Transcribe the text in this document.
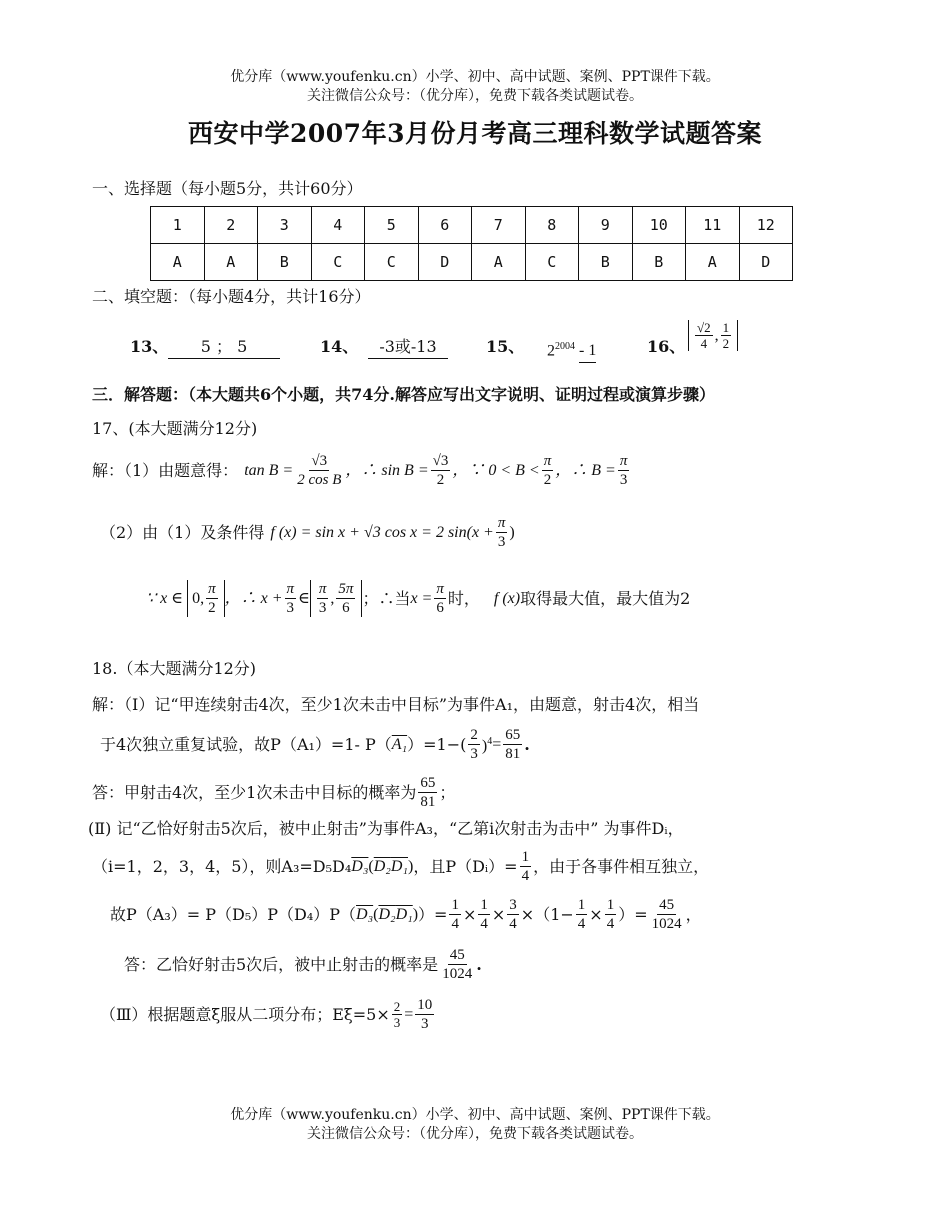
优分库（www.youfenku.cn）小学、初中、高中试题、案例、PPT课件下载。
关注微信公众号：（优分库），免费下载各类试题试卷。
西安中学2007年3月份月考高三理科数学试题答案
一、选择题（每小题5分，共计60分）
1	2	3	4	5	6	7	8	9	10	11	12
A	A	B	C	C	D	A	C	B	B	A	D
二、填空题：（每小题4分，共计16分）
13、	5 ； 5	14、	-3或-13	15、 $2^{2004} - 1$	16、 $\frac{√2}{4}$ , $\frac{1}{2}$
三．解答题：（本大题共6个小题，共74分.解答应写出文字说明、证明过程或演算步骤）
17、(本大题满分12分)
解：（1）由题意得： $\tan B = \frac{√3}{\text{2 cos B}}$ ，∴ $\sin B = \frac{√3}{2}$ ，∵ $0 < B < \frac{\pi}{2}$ ，∴ $B = \frac{\pi}{3}$
（2）由（1）及条件得 f (x) = sin x + √3 cos x = 2 $\sin(x + \frac{\pi}{3}$ )
∵ x ∈ 0, $\frac{\pi}{2}$ ，∴ $x + \frac{\pi}{3}$ ∈ $\frac{\pi}{3}$ , $\frac{5\pi}{6}$ ；∴当 $x = \frac{\pi}{6}$ 时， f (x) 取得最大值，最大值为2
18.（本大题满分12分)
解：（Ⅰ）记“甲连续射击4次，至少1次未击中目标”为事件A₁，由题意，射击4次，相当
于4次独立重复试验，故P（A₁）=1- P（ A₁ ）$=1-( \frac{2}{3} )^4 = \frac{65}{81}$ .
答：甲射击4次，至少1次未击中目标的概率为 $\frac{65}{81}$ ；
(Ⅱ) 记“乙恰好射击5次后，被中止射击”为事件A₃，“乙第i次射击为击中” 为事件Dᵢ，
（i=1，2，3，4，5），则A₃=D₅D₄ D₃ ( D₂ D₁ ) ，且P（Dᵢ）= $\frac{1}{4}$ ，由于各事件相互独立，
故P（A₃）= P（D₅）P（D₄）P（ D₃ ( D₂ D₁ ) ）= $\frac{1}{4} \times \frac{1}{4} \times \frac{3}{4} \times (1- \frac{1}{4} \times \frac{1}{4}$ ）= $\frac{45}{1024}$ ，
答：乙恰好射击5次后，被中止射击的概率是 $\frac{45}{1024}$ .
（Ⅲ）根据题意ξ服从二项分布；$E\xi=5\times \frac{2}{3} = \frac{10}{3}$
优分库（www.youfenku.cn）小学、初中、高中试题、案例、PPT课件下载。
关注微信公众号：（优分库），免费下载各类试题试卷。
